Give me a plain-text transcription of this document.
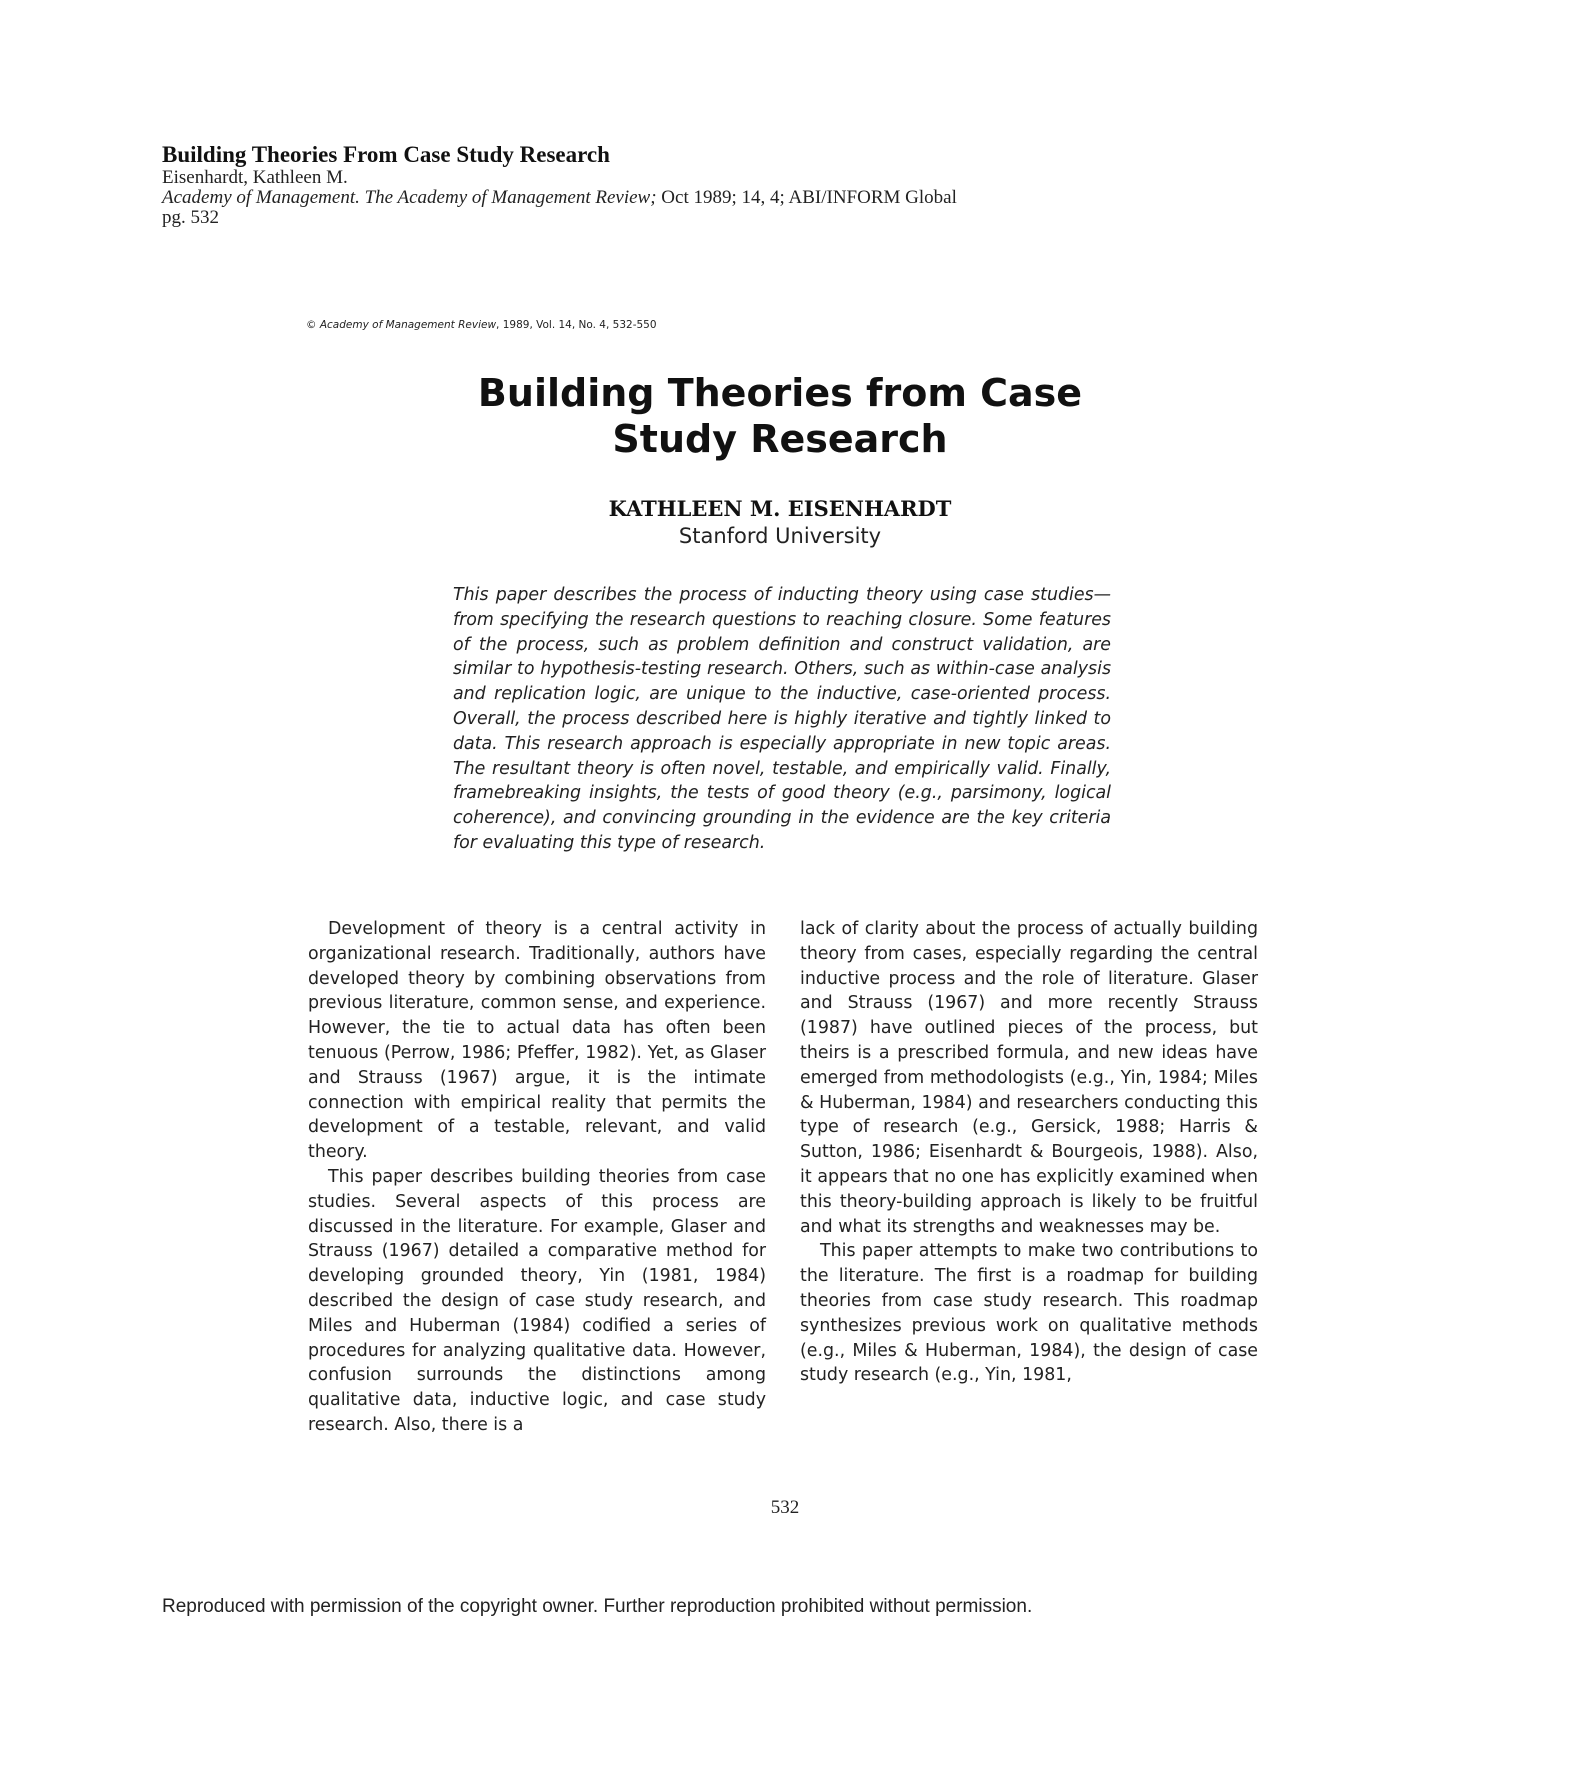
Building Theories From Case Study Research
Eisenhardt, Kathleen M.
Academy of Management. The Academy of Management Review; Oct 1989; 14, 4; ABI/INFORM Global
pg. 532
© Academy of Management Review, 1989, Vol. 14, No. 4, 532-550
Building Theories from Case
Study Research
KATHLEEN M. EISENHARDT
Stanford University

This paper describes the process of inducting theory using case studies—from specifying the research questions to reaching closure. Some features of the process, such as problem definition and construct validation, are similar to hypothesis-testing research. Others, such as within-case analysis and replication logic, are unique to the inductive, case-oriented process. Overall, the process described here is highly iterative and tightly linked to data. This research approach is especially appropriate in new topic areas. The resultant theory is often novel, testable, and empirically valid. Finally, framebreaking insights, the tests of good theory (e.g., parsimony, logical coherence), and convincing grounding in the evidence are the key criteria for evaluating this type of research.

Development of theory is a central activity in organizational research. Traditionally, authors have developed theory by combining observations from previous literature, common sense, and experience. However, the tie to actual data has often been tenuous (Perrow, 1986; Pfeffer, 1982). Yet, as Glaser and Strauss (1967) argue, it is the intimate connection with empirical reality that permits the development of a testable, relevant, and valid theory.

This paper describes building theories from case studies. Several aspects of this process are discussed in the literature. For example, Glaser and Strauss (1967) detailed a comparative method for developing grounded theory, Yin (1981, 1984) described the design of case study research, and Miles and Huberman (1984) codified a series of procedures for analyzing qualitative data. However, confusion surrounds the distinctions among qualitative data, inductive logic, and case study research. Also, there is a

lack of clarity about the process of actually building theory from cases, especially regarding the central inductive process and the role of literature. Glaser and Strauss (1967) and more recently Strauss (1987) have outlined pieces of the process, but theirs is a prescribed formula, and new ideas have emerged from methodologists (e.g., Yin, 1984; Miles & Huberman, 1984) and researchers conducting this type of research (e.g., Gersick, 1988; Harris & Sutton, 1986; Eisenhardt & Bourgeois, 1988). Also, it appears that no one has explicitly examined when this theory-building approach is likely to be fruitful and what its strengths and weaknesses may be.

This paper attempts to make two contributions to the literature. The first is a roadmap for building theories from case study research. This roadmap synthesizes previous work on qualitative methods (e.g., Miles & Huberman, 1984), the design of case study research (e.g., Yin, 1981,

532
Reproduced with permission of the copyright owner. Further reproduction prohibited without permission.
